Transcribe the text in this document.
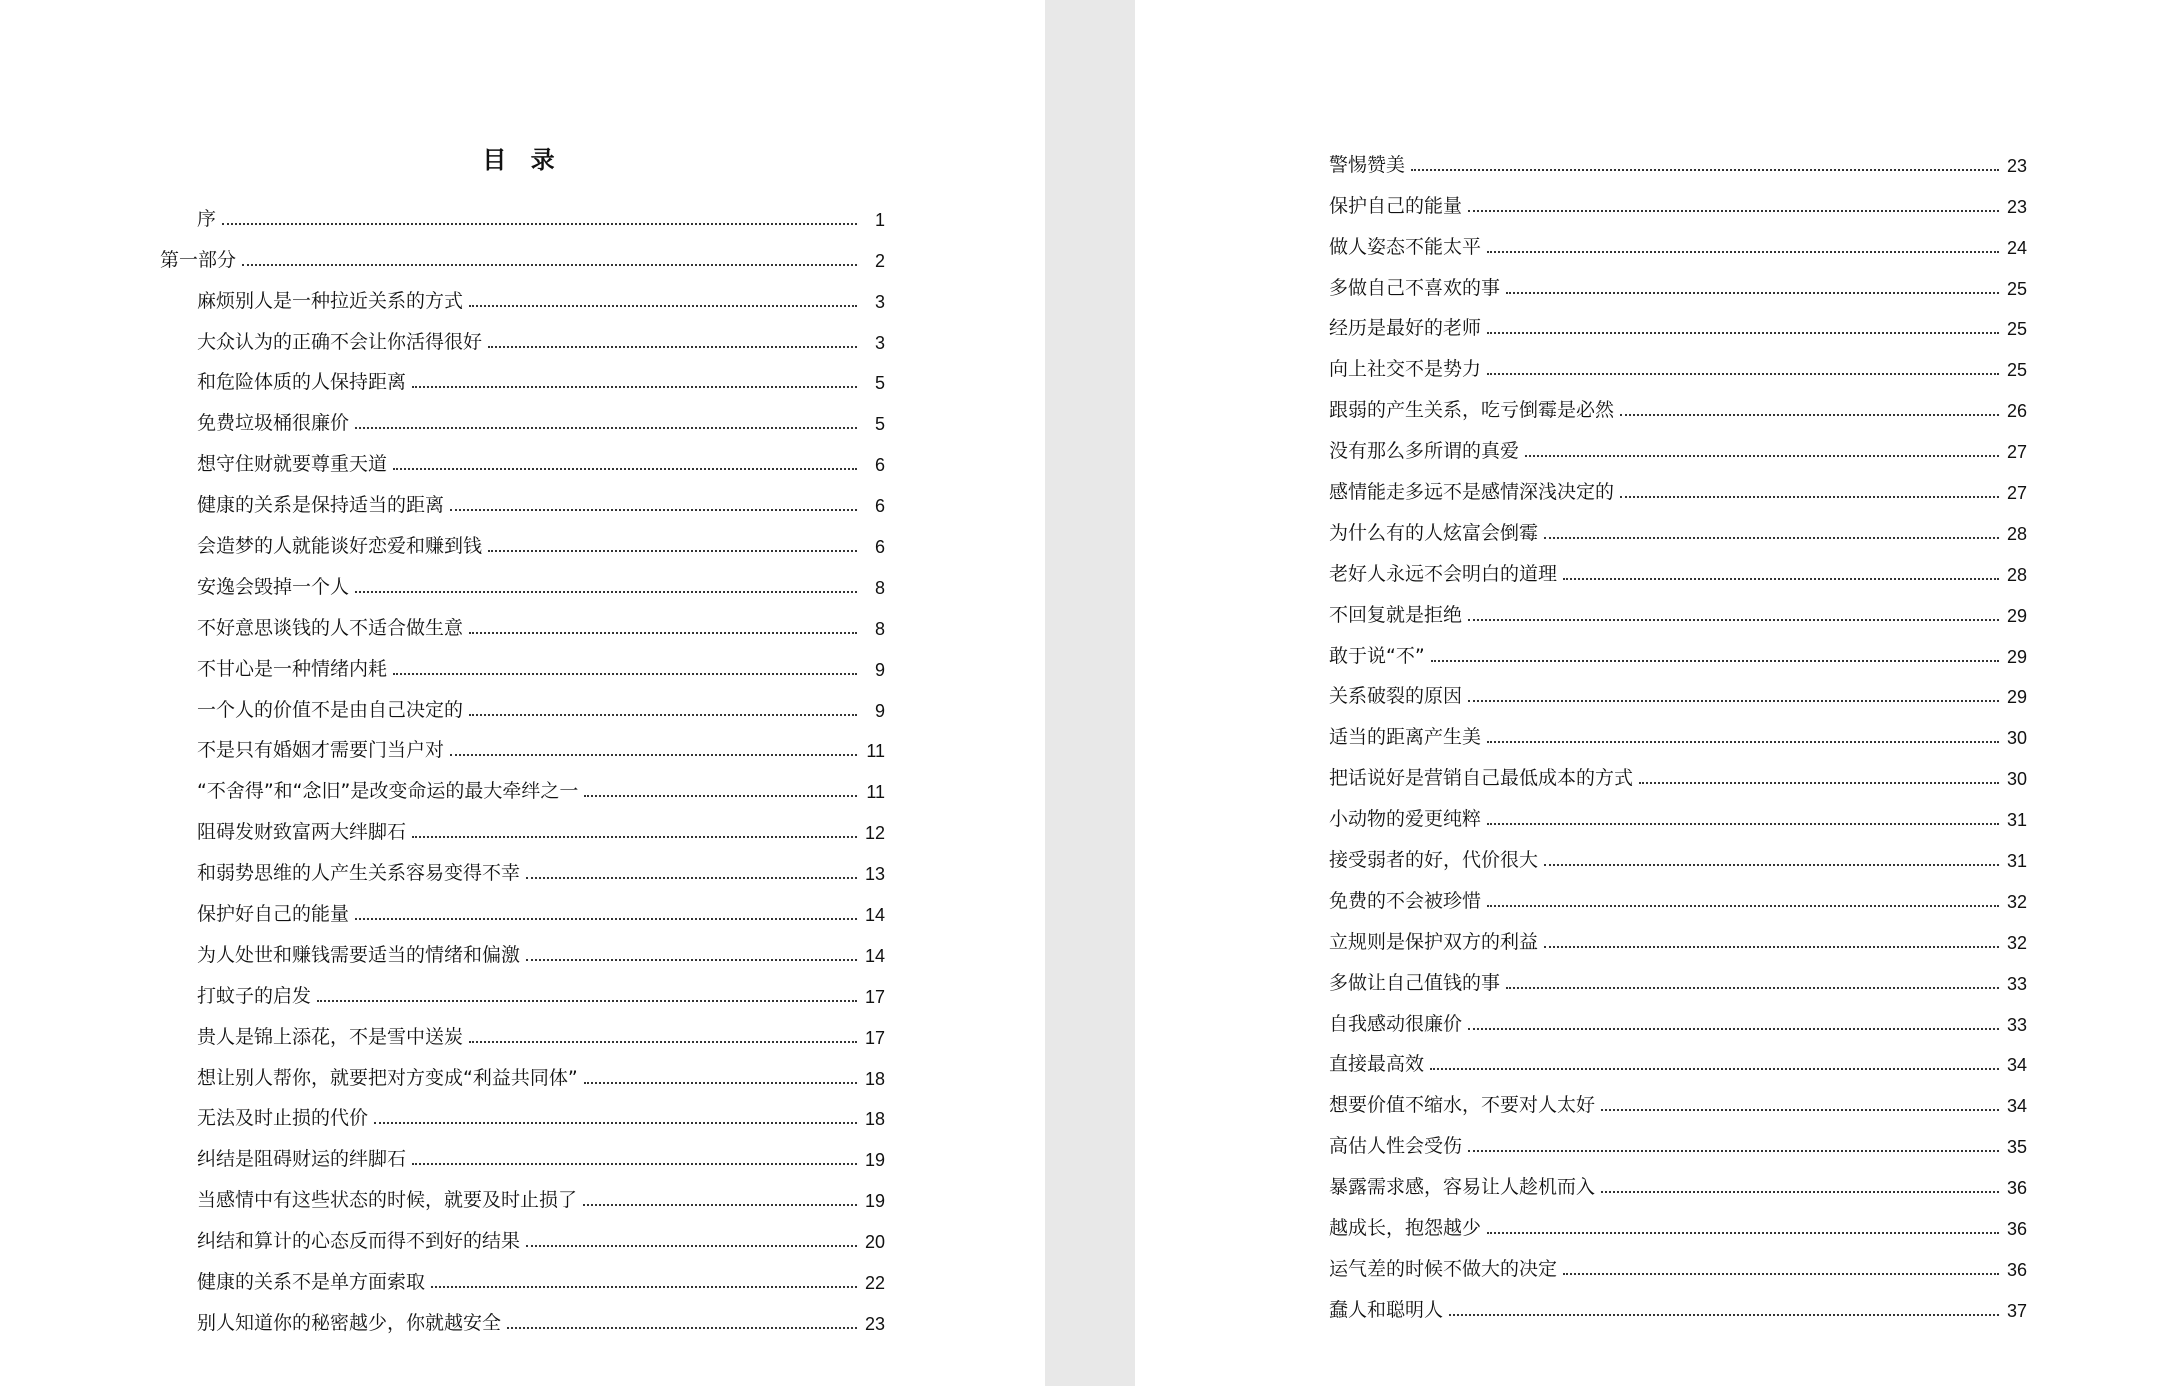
目 录
序	1
第一部分	2
麻烦别人是一种拉近关系的方式	3
大众认为的正确不会让你活得很好	3
和危险体质的人保持距离	5
免费垃圾桶很廉价	5
想守住财就要尊重天道	6
健康的关系是保持适当的距离	6
会造梦的人就能谈好恋爱和赚到钱	6
安逸会毁掉一个人	8
不好意思谈钱的人不适合做生意	8
不甘心是一种情绪内耗	9
一个人的价值不是由自己决定的	9
不是只有婚姻才需要门当户对	11
“不舍得”和“念旧”是改变命运的最大牵绊之一	11
阻碍发财致富两大绊脚石	12
和弱势思维的人产生关系容易变得不幸	13
保护好自己的能量	14
为人处世和赚钱需要适当的情绪和偏激	14
打蚊子的启发	17
贵人是锦上添花，不是雪中送炭	17
想让别人帮你，就要把对方变成“利益共同体”	18
无法及时止损的代价	18
纠结是阻碍财运的绊脚石	19
当感情中有这些状态的时候，就要及时止损了	19
纠结和算计的心态反而得不到好的结果	20
健康的关系不是单方面索取	22
别人知道你的秘密越少，你就越安全	23
警惕赞美	23
保护自己的能量	23
做人姿态不能太平	24
多做自己不喜欢的事	25
经历是最好的老师	25
向上社交不是势力	25
跟弱的产生关系，吃亏倒霉是必然	26
没有那么多所谓的真爱	27
感情能走多远不是感情深浅决定的	27
为什么有的人炫富会倒霉	28
老好人永远不会明白的道理	28
不回复就是拒绝	29
敢于说“不”	29
关系破裂的原因	29
适当的距离产生美	30
把话说好是营销自己最低成本的方式	30
小动物的爱更纯粹	31
接受弱者的好，代价很大	31
免费的不会被珍惜	32
立规则是保护双方的利益	32
多做让自己值钱的事	33
自我感动很廉价	33
直接最高效	34
想要价值不缩水，不要对人太好	34
高估人性会受伤	35
暴露需求感，容易让人趁机而入	36
越成长，抱怨越少	36
运气差的时候不做大的决定	36
蠢人和聪明人	37
